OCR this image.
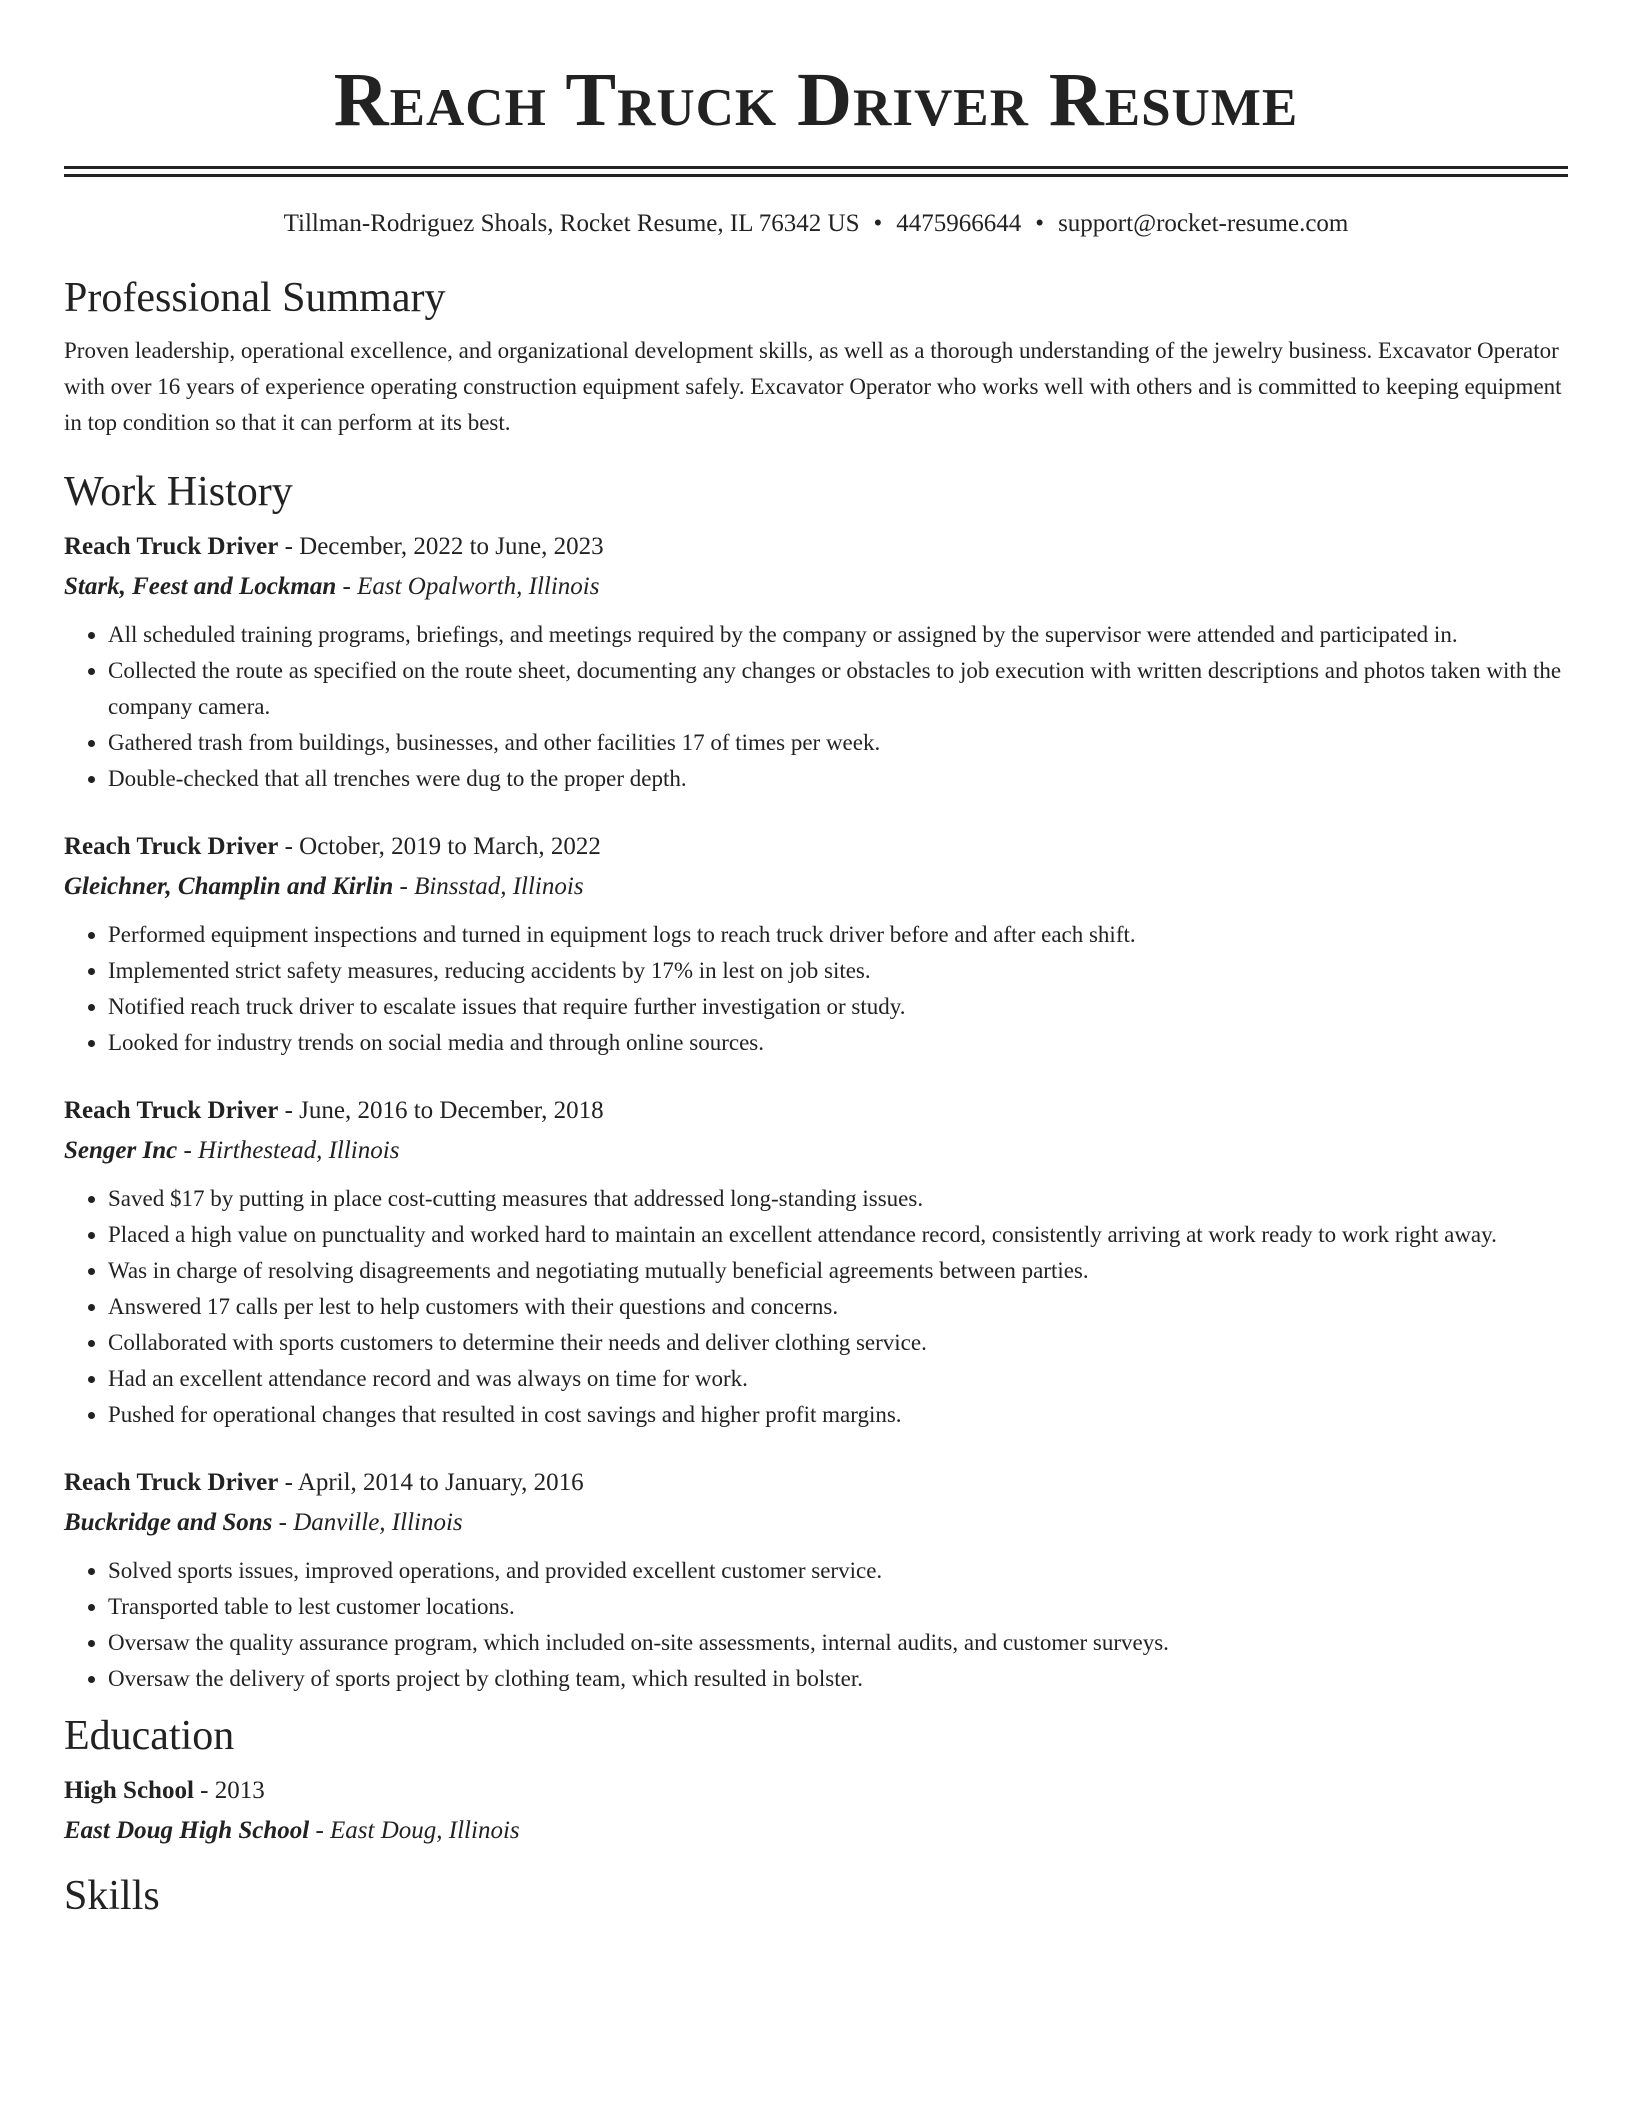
Reach Truck Driver Resume
Tillman-Rodriguez Shoals, Rocket Resume, IL 76342 US • 4475966644 • support@rocket-resume.com
Professional Summary

Proven leadership, operational excellence, and organizational development skills, as well as a thorough understanding of the jewelry business. Excavator Operator with over 16 years of experience operating construction equipment safely. Excavator Operator who works well with others and is committed to keeping equipment in top condition so that it can perform at its best.

Work History

Reach Truck Driver - December, 2022 to June, 2023

Stark, Feest and Lockman - East Opalworth, Illinois

• All scheduled training programs, briefings, and meetings required by the company or assigned by the supervisor were attended and participated in.
• Collected the route as specified on the route sheet, documenting any changes or obstacles to job execution with written descriptions and photos taken with the company camera.
• Gathered trash from buildings, businesses, and other facilities 17 of times per week.
• Double-checked that all trenches were dug to the proper depth.

Reach Truck Driver - October, 2019 to March, 2022

Gleichner, Champlin and Kirlin - Binsstad, Illinois

• Performed equipment inspections and turned in equipment logs to reach truck driver before and after each shift.
• Implemented strict safety measures, reducing accidents by 17% in lest on job sites.
• Notified reach truck driver to escalate issues that require further investigation or study.
• Looked for industry trends on social media and through online sources.

Reach Truck Driver - June, 2016 to December, 2018

Senger Inc - Hirthestead, Illinois

• Saved $17 by putting in place cost-cutting measures that addressed long-standing issues.
• Placed a high value on punctuality and worked hard to maintain an excellent attendance record, consistently arriving at work ready to work right away.
• Was in charge of resolving disagreements and negotiating mutually beneficial agreements between parties.
• Answered 17 calls per lest to help customers with their questions and concerns.
• Collaborated with sports customers to determine their needs and deliver clothing service.
• Had an excellent attendance record and was always on time for work.
• Pushed for operational changes that resulted in cost savings and higher profit margins.

Reach Truck Driver - April, 2014 to January, 2016

Buckridge and Sons - Danville, Illinois

• Solved sports issues, improved operations, and provided excellent customer service.
• Transported table to lest customer locations.
• Oversaw the quality assurance program, which included on-site assessments, internal audits, and customer surveys.
• Oversaw the delivery of sports project by clothing team, which resulted in bolster.
Education

High School - 2013

East Doug High School - East Doug, Illinois

Skills
